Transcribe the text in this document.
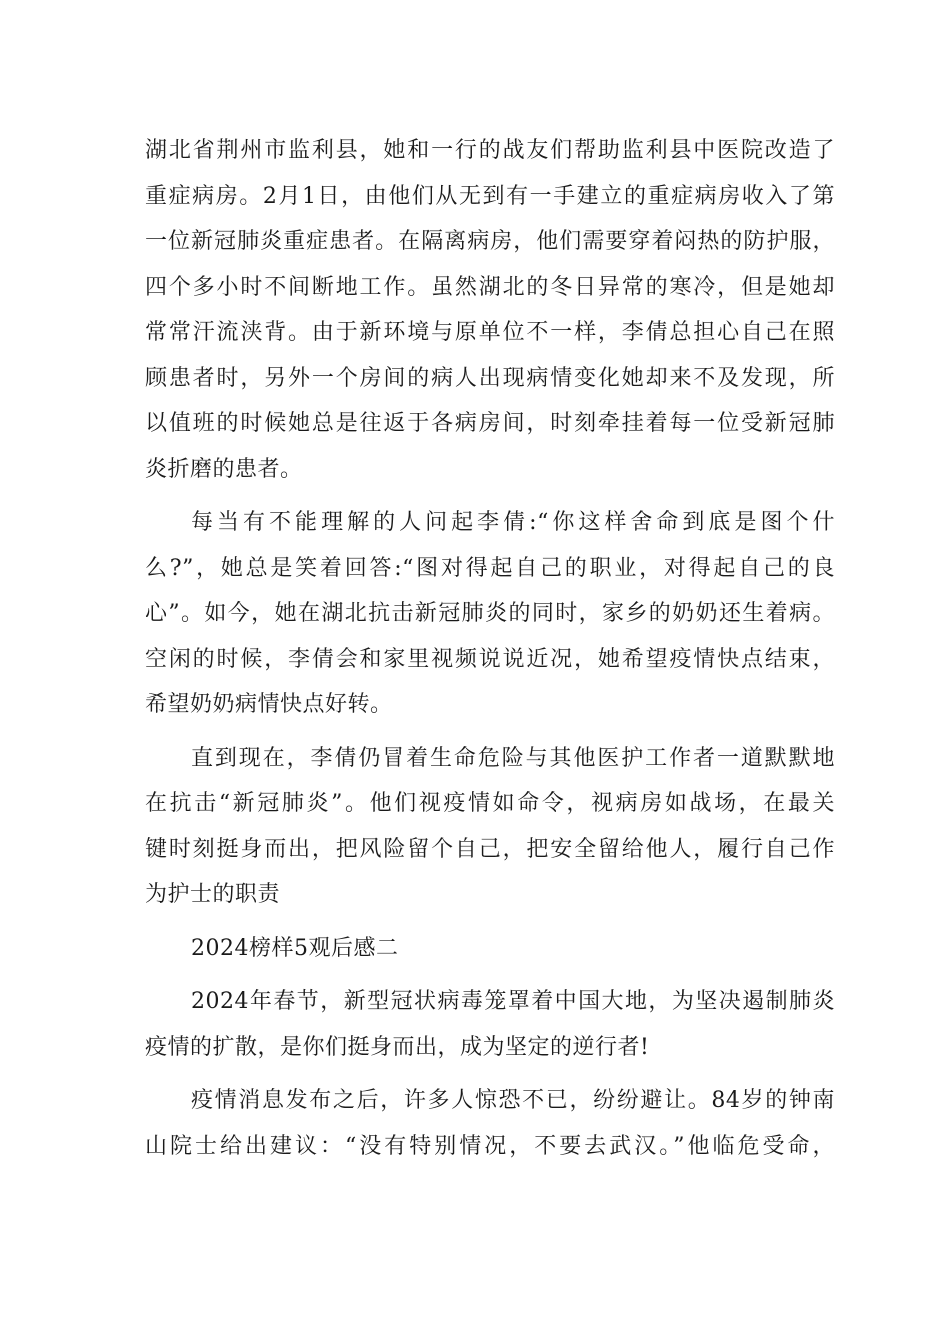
湖北省荆州市监利县，她和一行的战友们帮助监利县中医院改造了
重症病房。2月1日，由他们从无到有一手建立的重症病房收入了第
一位新冠肺炎重症患者。在隔离病房，他们需要穿着闷热的防护服，
四个多小时不间断地工作。虽然湖北的冬日异常的寒冷，但是她却
常常汗流浃背。由于新环境与原单位不一样，李倩总担心自己在照
顾患者时，另外一个房间的病人出现病情变化她却来不及发现，所
以值班的时候她总是往返于各病房间，时刻牵挂着每一位受新冠肺
炎折磨的患者。
每当有不能理解的人问起李倩:“你这样舍命到底是图个什
么?”，她总是笑着回答:“图对得起自己的职业，对得起自己的良
心”。如今，她在湖北抗击新冠肺炎的同时，家乡的奶奶还生着病。
空闲的时候，李倩会和家里视频说说近况，她希望疫情快点结束，
希望奶奶病情快点好转。
直到现在，李倩仍冒着生命危险与其他医护工作者一道默默地
在抗击“新冠肺炎”。他们视疫情如命令，视病房如战场，在最关
键时刻挺身而出，把风险留个自己，把安全留给他人，履行自己作
为护士的职责
2024榜样5观后感二
2024年春节，新型冠状病毒笼罩着中国大地，为坚决遏制肺炎
疫情的扩散，是你们挺身而出，成为坚定的逆行者!
疫情消息发布之后，许多人惊恐不已，纷纷避让。84岁的钟南
山院士给出建议：“没有特别情况，不要去武汉。”他临危受命，
